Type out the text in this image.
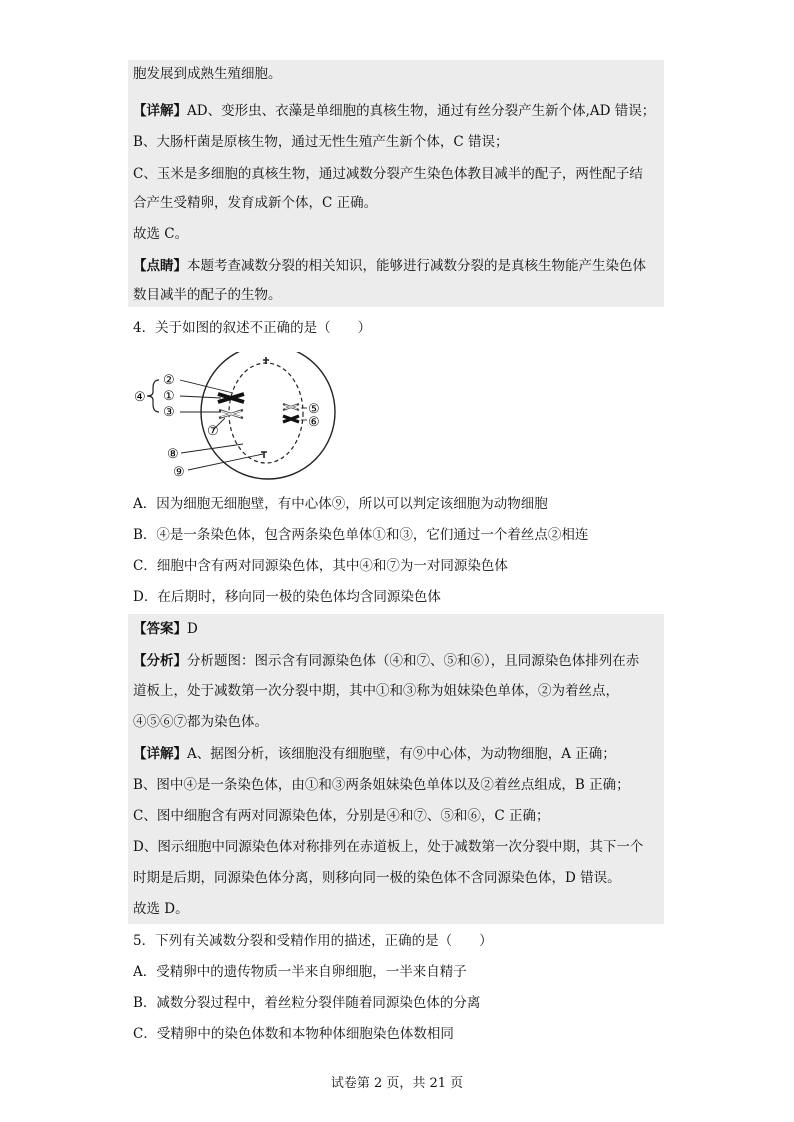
胞发展到成熟生殖细胞。
【详解】AD、变形虫、衣藻是单细胞的真核生物，通过有丝分裂产生新个体,AD 错误；
B、大肠杆菌是原核生物，通过无性生殖产生新个体，C 错误；
C、玉米是多细胞的真核生物，通过减数分裂产生染色体教目减半的配子，两性配子结
合产生受精卵，发育成新个体，C 正确。
故选 C。
【点睛】本题考查减数分裂的相关知识，能够进行减数分裂的是真核生物能产生染色体
数目减半的配子的生物。
4．关于如图的叙述不正确的是（　　）
②
①
③
④
⑤
⑥
⑦
⑧
⑨
A．因为细胞无细胞壁，有中心体⑨，所以可以判定该细胞为动物细胞
B．④是一条染色体，包含两条染色单体①和③，它们通过一个着丝点②相连
C．细胞中含有两对同源染色体，其中④和⑦为一对同源染色体
D．在后期时，移向同一极的染色体均含同源染色体
【答案】D
【分析】分析题图：图示含有同源染色体（④和⑦、⑤和⑥），且同源染色体排列在赤
道板上，处于减数第一次分裂中期，其中①和③称为姐妹染色单体，②为着丝点，
④⑤⑥⑦都为染色体。
【详解】A、据图分析，该细胞没有细胞壁，有⑨中心体，为动物细胞，A 正确；
B、图中④是一条染色体，由①和③两条姐妹染色单体以及②着丝点组成，B 正确；
C、图中细胞含有两对同源染色体，分别是④和⑦、⑤和⑥，C 正确；
D、图示细胞中同源染色体对称排列在赤道板上，处于减数第一次分裂中期，其下一个
时期是后期，同源染色体分离，则移向同一极的染色体不含同源染色体，D 错误。
故选 D。
5．下列有关减数分裂和受精作用的描述，正确的是（　　）
A．受精卵中的遗传物质一半来自卵细胞，一半来自精子
B．减数分裂过程中，着丝粒分裂伴随着同源染色体的分离
C．受精卵中的染色体数和本物种体细胞染色体数相同
试卷第 2 页，共 21 页
